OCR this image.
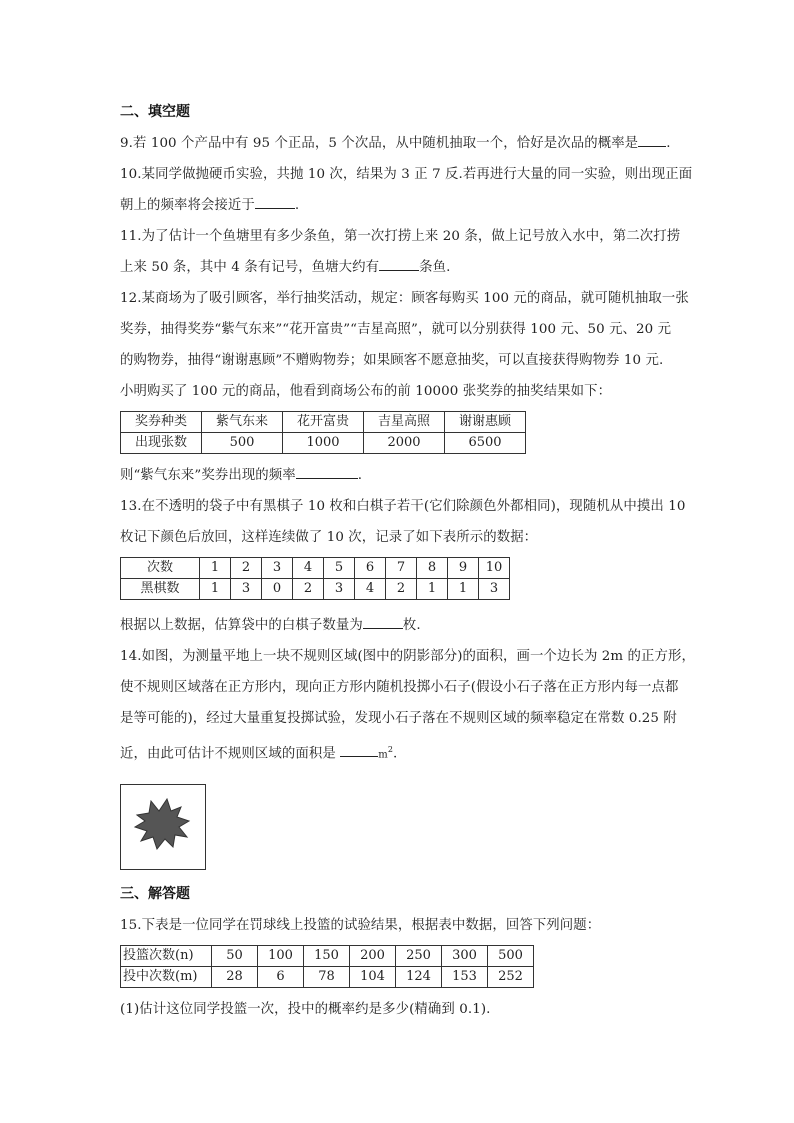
二、填空题

9.若 100 个产品中有 95 个正品，5 个次品，从中随机抽取一个，恰好是次品的概率是 .

10.某同学做抛硬币实验，共抛 10 次，结果为 3 正 7 反.若再进行大量的同一实验，则出现正面

朝上的频率将会接近于	.

11.为了估计一个鱼塘里有多少条鱼，第一次打捞上来 20 条，做上记号放入水中，第二次打捞

上来 50 条，其中 4 条有记号，鱼塘大约有	条鱼.

12.某商场为了吸引顾客，举行抽奖活动，规定：顾客每购买 100 元的商品，就可随机抽取一张

奖券，抽得奖券“紫气东来”“花开富贵”“吉星高照”，就可以分别获得 100 元、50 元、20 元

的购物券，抽得“谢谢惠顾”不赠购物券；如果顾客不愿意抽奖，可以直接获得购物券 10 元.

小明购买了 100 元的商品，他看到商场公布的前 10000 张奖券的抽奖结果如下：

奖券种类	紫气东来	花开富贵	吉星高照	谢谢惠顾
出现张数	500	1000	2000	6500

则“紫气东来”奖券出现的频率	.

13.在不透明的袋子中有黑棋子 10 枚和白棋子若干(它们除颜色外都相同)，现随机从中摸出 10

枚记下颜色后放回，这样连续做了 10 次，记录了如下表所示的数据：

次数	1	2	3	4	5	6	7	8	9	10
黑棋数	1	3	0	2	3	4	2	1	1	3

根据以上数据，估算袋中的白棋子数量为	枚.

14.如图，为测量平地上一块不规则区域(图中的阴影部分)的面积，画一个边长为 2m 的正方形，

使不规则区域落在正方形内，现向正方形内随机投掷小石子(假设小石子落在正方形内每一点都

是等可能的)，经过大量重复投掷试验，发现小石子落在不规则区域的频率稳定在常数 0.25 附

近，由此可估计不规则区域的面积是	$m^2$.

三、解答题

15.下表是一位同学在罚球线上投篮的试验结果，根据表中数据，回答下列问题：

投篮次数(n)	50	100	150	200	250	300	500
投中次数(m)	28	6	78	104	124	153	252

(1)估计这位同学投篮一次，投中的概率约是多少(精确到 0.1).
